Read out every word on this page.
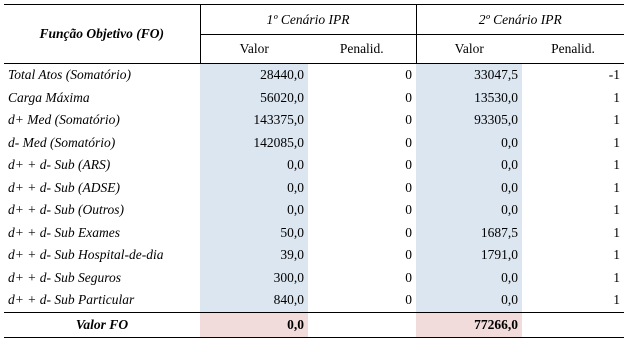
Função Objetivo (FO)	1º Cenário IPR		2º Cenário IPR	
	Valor	Penalid.	Valor	Penalid.
Total Atos (Somatório)	28440,0	0	33047,5	-1
Carga Máxima	56020,0	0	13530,0	1
d+ Med (Somatório)	143375,0	0	93305,0	1
d- Med (Somatório)	142085,0	0	0,0	1
d+ + d- Sub (ARS)	0,0	0	0,0	1
d+ + d- Sub (ADSE)	0,0	0	0,0	1
d+ + d- Sub (Outros)	0,0	0	0,0	1
d+ + d- Sub Exames	50,0	0	1687,5	1
d+ + d- Sub Hospital-de-dia	39,0	0	1791,0	1
d+ + d- Sub Seguros	300,0	0	0,0	1
d+ + d- Sub Particular	840,0	0	0,0	1
Valor FO	0,0		77266,0	
